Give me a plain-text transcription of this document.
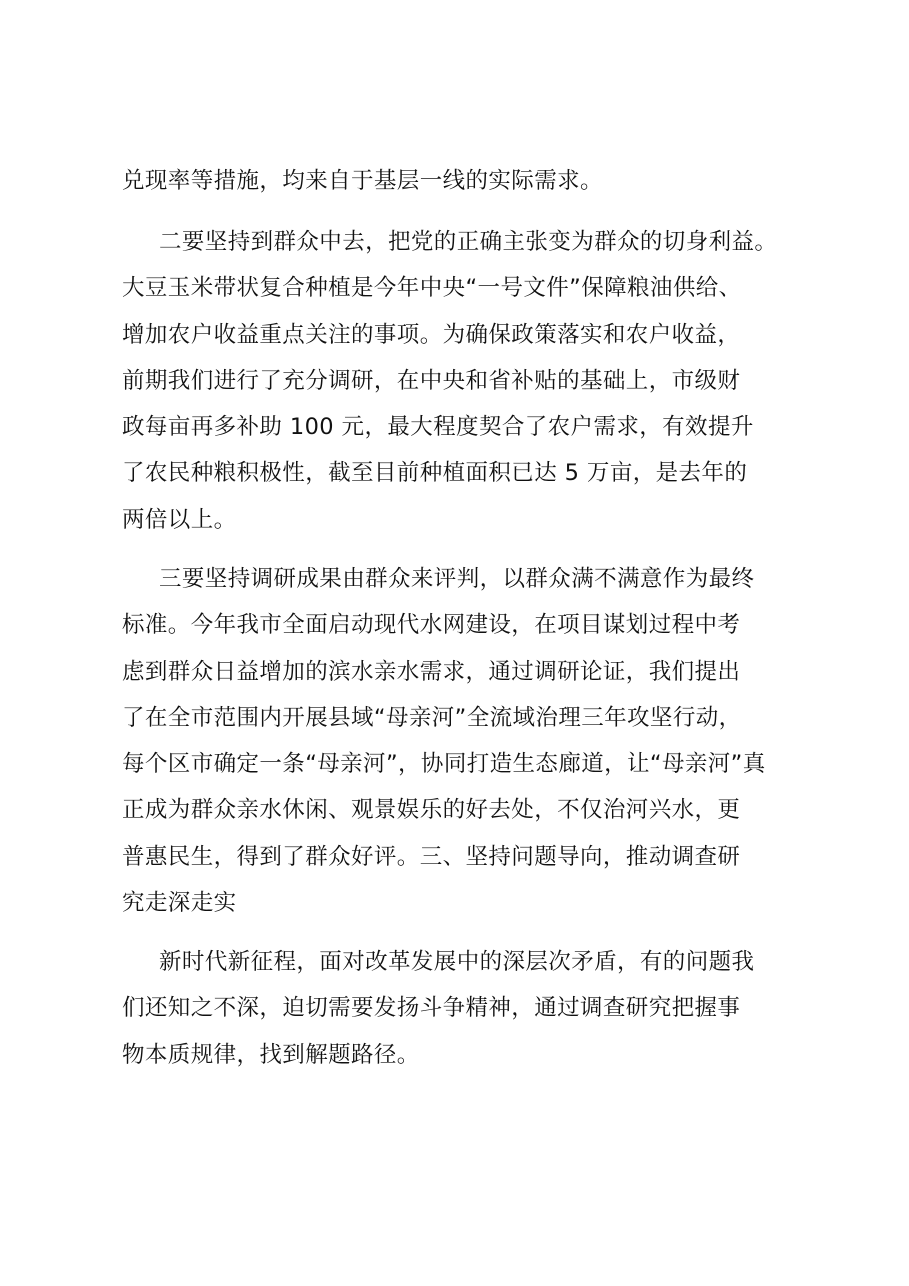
兑现率等措施，均来自于基层一线的实际需求。
二要坚持到群众中去，把党的正确主张变为群众的切身利益。
大豆玉米带状复合种植是今年中央“一号文件”保障粮油供给、
增加农户收益重点关注的事项。为确保政策落实和农户收益，
前期我们进行了充分调研，在中央和省补贴的基础上，市级财
政每亩再多补助 100 元，最大程度契合了农户需求，有效提升
了农民种粮积极性，截至目前种植面积已达 5 万亩，是去年的
两倍以上。
三要坚持调研成果由群众来评判，以群众满不满意作为最终
标准。今年我市全面启动现代水网建设，在项目谋划过程中考
虑到群众日益增加的滨水亲水需求，通过调研论证，我们提出
了在全市范围内开展县域“母亲河”全流域治理三年攻坚行动，
每个区市确定一条“母亲河”，协同打造生态廊道，让“母亲河”真
正成为群众亲水休闲、观景娱乐的好去处，不仅治河兴水，更
普惠民生，得到了群众好评。三、坚持问题导向，推动调查研
究走深走实
新时代新征程，面对改革发展中的深层次矛盾，有的问题我
们还知之不深，迫切需要发扬斗争精神，通过调查研究把握事
物本质规律，找到解题路径。
